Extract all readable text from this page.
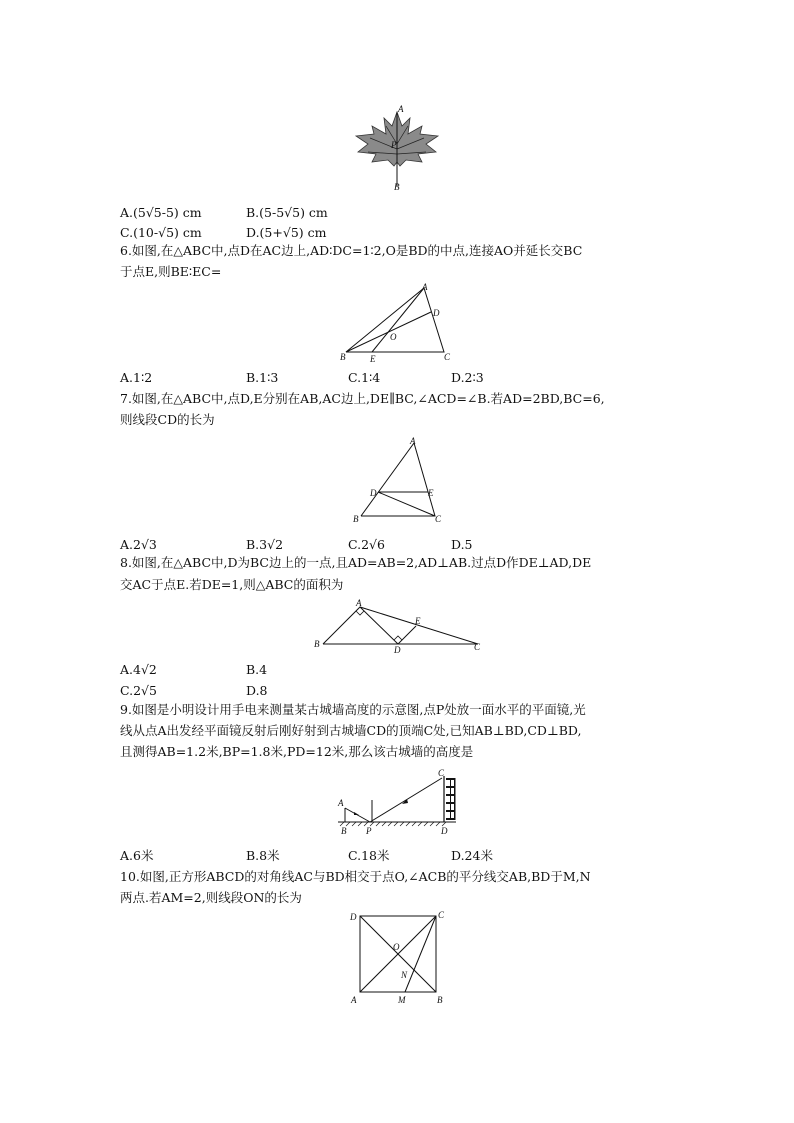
A
P
B
A.(5√5-5) cm	B.(5-5√5) cm
C.(10-√5) cm	D.(5+√5) cm
6.如图,在△ABC中,点D在AC边上,AD∶DC=1∶2,O是BD的中点,连接AO并延长交BC
于点E,则BE∶EC=
A
B	C
D
O
E
A.1∶2	B.1∶3	C.1∶4	D.2∶3
7.如图,在△ABC中,点D,E分别在AB,AC边上,DE∥BC,∠ACD=∠B.若AD=2BD,BC=6,
则线段CD的长为
A
B	C
D	E
A.2√3	B.3√2	C.2√6	D.5
8.如图,在△ABC中,D为BC边上的一点,且AD=AB=2,AD⊥AB.过点D作DE⊥AD,DE
交AC于点E.若DE=1,则△ABC的面积为
A
B	C
D
E
A.4√2	B.4
C.2√5	D.8
9.如图是小明设计用手电来测量某古城墙高度的示意图,点P处放一面水平的平面镜,光
线从点A出发经平面镜反射后刚好射到古城墙CD的顶端C处,已知AB⊥BD,CD⊥BD,
且测得AB=1.2米,BP=1.8米,PD=12米,那么该古城墙的高度是
A
B P
C
D
A.6米	B.8米	C.18米	D.24米
10.如图,正方形ABCD的对角线AC与BD相交于点O,∠ACB的平分线交AB,BD于M,N
两点.若AM=2,则线段ON的长为
D	C
A	B
O
N
M
